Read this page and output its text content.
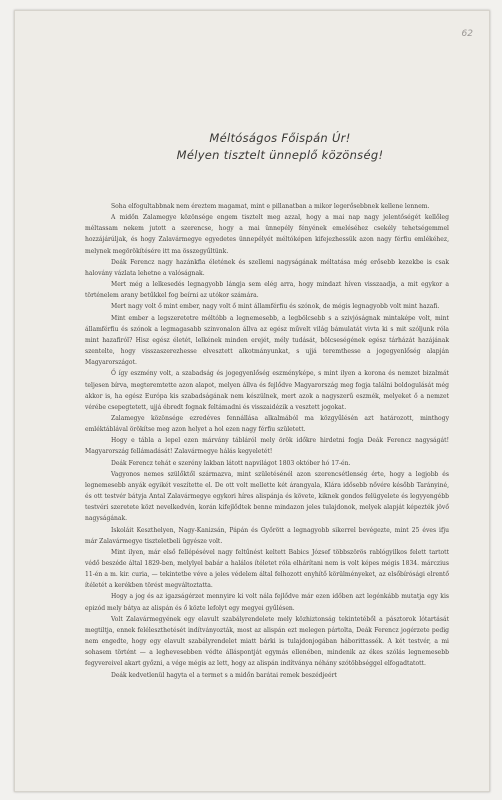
62
Méltóságos Főispán Úr!
Mélyen tisztelt ünneplő közönség!

Soha elfogultabbnak nem éreztem magamat, mint e pillanatban a mikor legerősebbnek kellene lennem.

A midőn Zalamegye közönsége engem tisztelt meg azzal, hogy a mai nap nagy jelentőségét kellőleg méltassam nekem jutott a szerencse, hogy a mai ünnepély fényének emeléséhez csekély tehetségemmel hozzájárúljak, és hogy Zalavármegye egyedetes ünnepélyét méltóképen kifejezhessük azon nagy férfiu emlékéhez, melynek megörökítésére itt ma összegyűltünk.

Deák Ferencz nagy hazánkfia életének és szellemi nagyságának méltatása még erősebb kezekbe is csak halovány vázlata lehetne a valóságnak.

Mert még a lelkesedés legnagyobb lángja sem elég arra, hogy mindazt híven visszaadja, a mit egykor a történelem arany betűkkel fog beírni az utókor számára.

Mert nagy volt ő mint ember, nagy volt ő mint államférfiu és szónok, de mégis legnagyobb volt mint hazafi.

Mint ember a legszeretetre méltóbb a legnemesebb, a legbölcsebb s a szivjóságnak mintaképe volt, mint államférfiu és szónok a legmagasabb szinvonalon állva az egész művelt világ bámulatát vivta ki s mit szóljunk róla mint hazafiról? Hisz egész életét, lelkének minden erejét, mély tudását, bölcseségének egész tárházát hazájának szentelte, hogy visszaszerezhesse elvesztett alkotmányunkat, s ujjá teremthesse a jogegyenlőség alapján Magyarországot.

Ő így eszmény volt, a szabadság és jogegyenlőség eszményképe, s mint ilyen a korona és nemzet bizalmát teljesen bírva, megteremtette azon alapot, melyen állva és fejlődve Magyarország meg fogja találni boldogulását még akkor is, ha egész Európa kis szabadságának nem készülnek, mert azok a nagyszerű eszmék, melyeket ő a nemzet vérébe csepegtetett, ujjá ébredt fognak feltámadni és visszaidézik a vesztett jogokat.

Zalamegye közönsége ezredéves fennállása alkalmából ma közgyűlésén azt határozott, minthogy emléktáblával örökítse meg azon helyet a hol ezen nagy férfiu született.

Hogy e tábla a lepel ezen márvány tábláról mely örök időkre hirdetni fogja Deák Ferencz nagyságát! Magyarország fellámadását! Zalavármegye hálás kegyeletét!

Deák Ferencz tehát e szerény lakban látott napvilágot 1803 október hó 17-én.

Vagyonos nemes szülőktől származva, mint születésénél azon szerencsétlenség érte, hogy a legjobb és legnemesebb anyák egyikét veszítette el. De ott volt mellette két árangyala, Klára idősebb nővére később Tarányiné, és ott testvér bátyja Antal Zalavármegye egykori híres alispánja és követe, kiknek gondos felügyelete és legyyengébb testvéri szeretete közt nevelkedvén, korán kifejlődtek benne mindazon jeles tulajdonok, melyek alapját képezték jövő nagyságának.

Iskoláit Keszthelyen, Nagy-Kanizsán, Pápán és Győrött a legnagyobb sikerrel bevégezte, mint 25 éves ifju már Zalavármegye tiszteletbeli ügyésze volt.

Mint ilyen, már első fellépésével nagy feltűnést keltett Babics József többszörös rablógyilkos felett tartott védő beszéde által 1829-ben, melylyel babár a halálos ítéletet róla elhárítani nem is volt képes mégis 1834. márczius 11-én a m. kir. curia, — tekintetbe véve a jeles védelem által felhozott enyhítő körülményeket, az elsőbírósági elrentő ítéletét a kerékben törést megváltoztatta.

Hogy a jog és az igazságérzet mennyire ki volt nála fejlődve már ezen időben azt legénkább mutatja egy kis epizód mely bátya az alispán és ő közte lefolyt egy megyei gyűlésen.

Volt Zalavármegyének egy elavult szabályrendelete mely közhiztonság tekintetéből a pásztorok lótartását megtiltja, ennek feléleszthetését indítványozták, most az alispán ezt melegen pártolta, Deák Ferencz jogérzete pedig nem engedte, hogy egy elavult szabályrendelet miatt bárki is tulajdonjogában háborittassék. A két testvér, a mi sohasem történt — a leghevesebben védte álláspontját egymás ellenében, mindenik az ékes szólás legnemesebb fegyvereivel akart győzni, a vége mégis az lett, hogy az alispán indítványa néhány szótöbbséggel elfogadtatott.

Deák kedvetlenül hagyta el a termet s a midőn barátai remek beszédjeért
